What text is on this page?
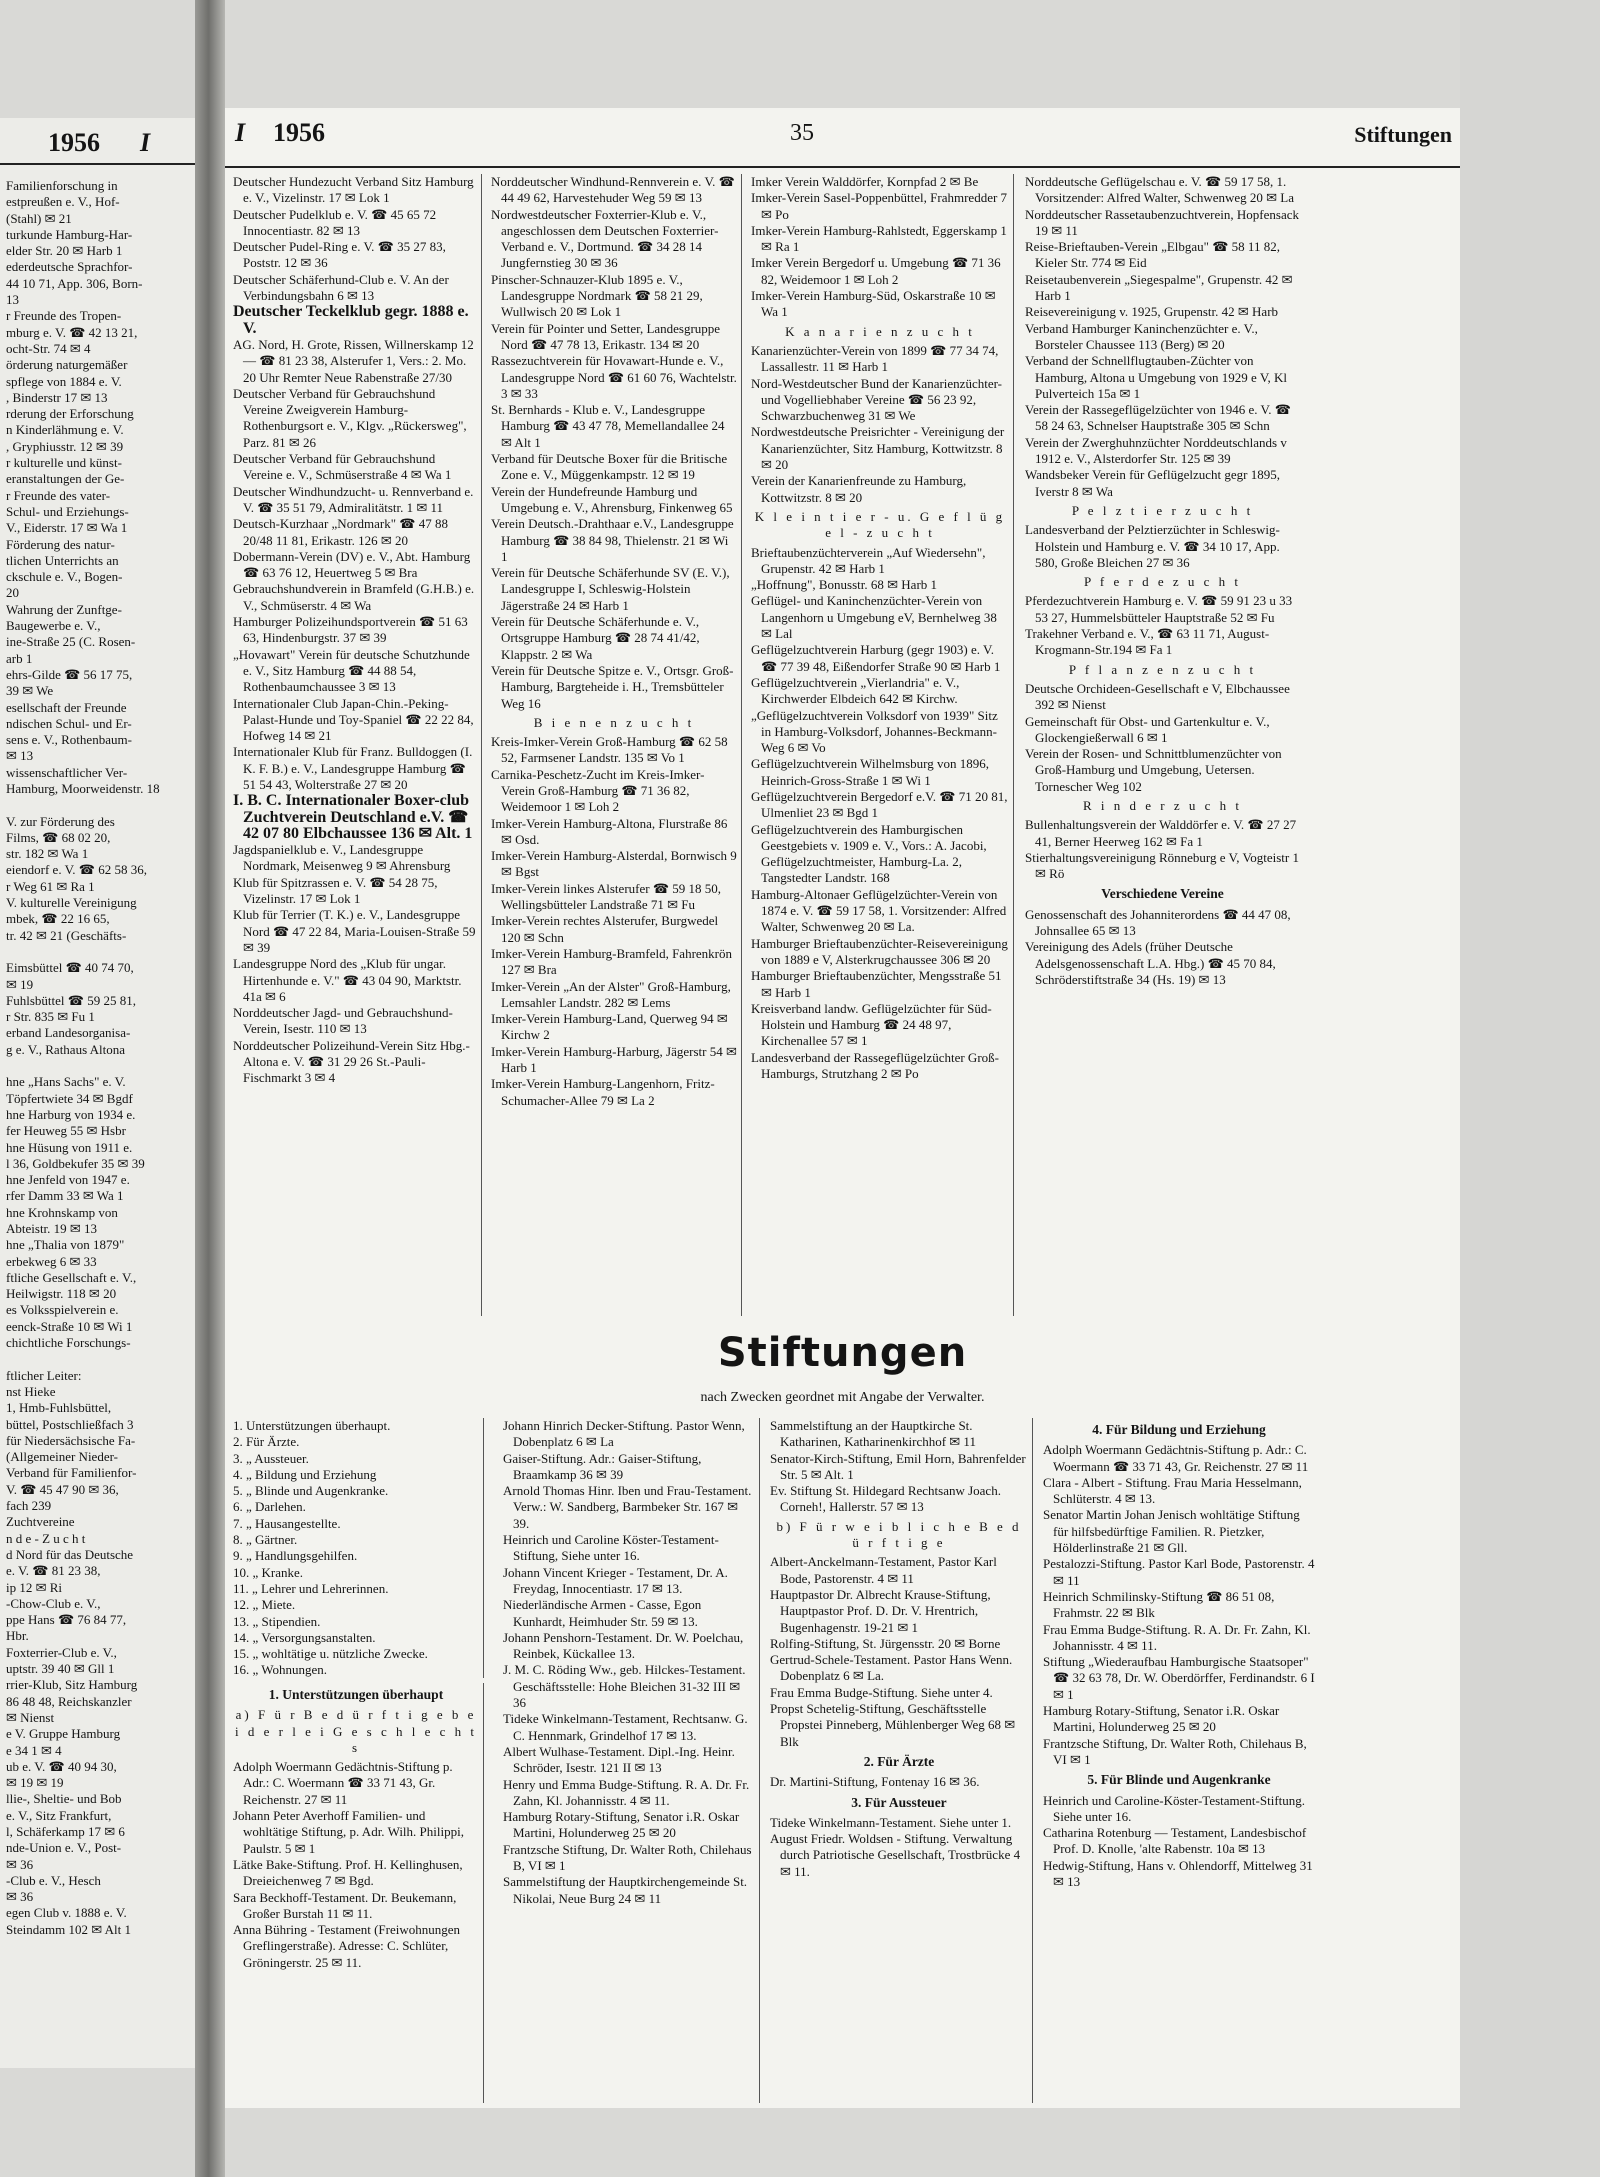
1956 I

Familienforschung in

estpreußen e. V., Hof-

(Stahl) ✉ 21

turkunde Hamburg-Har-

elder Str. 20 ✉ Harb 1

ederdeutsche Sprachfor-

44 10 71, App. 306, Born-

13

r Freunde des Tropen-

mburg e. V. ☎ 42 13 21,

ocht-Str. 74 ✉ 4

örderung naturgemäßer

spflege von 1884 e. V.

, Binderstr 17 ✉ 13

rderung der Erforschung

n Kinderlähmung e. V.

, Gryphiusstr. 12 ✉ 39

r kulturelle und künst-

eranstaltungen der Ge-

r Freunde des vater-

Schul- und Erziehungs-

V., Eiderstr. 17 ✉ Wa 1

Förderung des natur-

tlichen Unterrichts an

ckschule e. V., Bogen-

20

Wahrung der Zunftge-

Baugewerbe e. V.,

ine-Straße 25 (C. Rosen-

arb 1

ehrs-Gilde ☎ 56 17 75,

39 ✉ We

esellschaft der Freunde

ndischen Schul- und Er-

sens e. V., Rothenbaum-

✉ 13

wissenschaftlicher Ver-

Hamburg, Moorweidenstr. 18

V. zur Förderung des

Films, ☎ 68 02 20,

str. 182 ✉ Wa 1

eiendorf e. V. ☎ 62 58 36,

r Weg 61 ✉ Ra 1

V. kulturelle Vereinigung

mbek, ☎ 22 16 65,

tr. 42 ✉ 21 (Geschäfts-

Eimsbüttel ☎ 40 74 70,

✉ 19

Fuhlsbüttel ☎ 59 25 81,

r Str. 835 ✉ Fu 1

erband Landesorganisa-

g e. V., Rathaus Altona

hne „Hans Sachs" e. V.

Töpfertwiete 34 ✉ Bgdf

hne Harburg von 1934 e.

fer Heuweg 55 ✉ Hsbr

hne Hüsung von 1911 e.

l 36, Goldbekufer 35 ✉ 39

hne Jenfeld von 1947 e.

rfer Damm 33 ✉ Wa 1

hne Krohnskamp von

Abteistr. 19 ✉ 13

hne „Thalia von 1879"

erbekweg 6 ✉ 33

ftliche Gesellschaft e. V.,

Heilwigstr. 118 ✉ 20

es Volksspielverein e.

eenck-Straße 10 ✉ Wi 1

chichtliche Forschungs-

ftlicher Leiter:

nst Hieke

1, Hmb-Fuhlsbüttel,

büttel, Postschließfach 3

für Niedersächsische Fa-

(Allgemeiner Nieder-

Verband für Familienfor-

V. ☎ 45 47 90 ✉ 36,

fach 239

Zuchtvereine

n d e - Z u c h t

d Nord für das Deutsche

e. V. ☎ 81 23 38,

ip 12 ✉ Ri

-Chow-Club e. V.,

ppe Hans ☎ 76 84 77,

Hbr.

Foxterrier-Club e. V.,

uptstr. 39 40 ✉ Gll 1

rrier-Klub, Sitz Hamburg

86 48 48, Reichskanzler

✉ Nienst

e V. Gruppe Hamburg

e 34 1 ✉ 4

ub e. V. ☎ 40 94 30,

✉ 19 ✉ 19

llie-, Sheltie- und Bob

e. V., Sitz Frankfurt,

l, Schäferkamp 17 ✉ 6

nde-Union e. V., Post-

✉ 36

-Club e. V., Hesch

✉ 36

egen Club v. 1888 e. V.

Steindamm 102 ✉ Alt 1

I 1956	35	Stiftungen

Deutscher Hundezucht Verband Sitz Hamburg e. V., Vizelinstr. 17 ✉ Lok 1

Deutscher Pudelklub e. V. ☎ 45 65 72 Innocentiastr. 82 ✉ 13

Deutscher Pudel-Ring e. V. ☎ 35 27 83, Poststr. 12 ✉ 36

Deutscher Schäferhund-Club e. V. An der Verbindungsbahn 6 ✉ 13

Deutscher Teckelklub gegr. 1888 e. V.

AG. Nord, H. Grote, Rissen, Willnerskamp 12 — ☎ 81 23 38, Alsterufer 1, Vers.: 2. Mo. 20 Uhr Remter Neue Rabenstraße 27/30

Deutscher Verband für Gebrauchshund Vereine Zweigverein Hamburg-Rothenburgsort e. V., Klgv. „Rückersweg", Parz. 81 ✉ 26

Deutscher Verband für Gebrauchshund Vereine e. V., Schmüserstraße 4 ✉ Wa 1

Deutscher Windhundzucht- u. Rennverband e. V. ☎ 35 51 79, Admiralitätstr. 1 ✉ 11

Deutsch-Kurzhaar „Nordmark" ☎ 47 88 20/48 11 81, Erikastr. 126 ✉ 20

Dobermann-Verein (DV) e. V., Abt. Hamburg ☎ 63 76 12, Heuertweg 5 ✉ Bra

Gebrauchshundverein in Bramfeld (G.H.B.) e. V., Schmüserstr. 4 ✉ Wa

Hamburger Polizeihundsportverein ☎ 51 63 63, Hindenburgstr. 37 ✉ 39

„Hovawart" Verein für deutsche Schutzhunde e. V., Sitz Hamburg ☎ 44 88 54, Rothenbaumchaussee 3 ✉ 13

Internationaler Club Japan-Chin.-Peking-Palast-Hunde und Toy-Spaniel ☎ 22 22 84, Hofweg 14 ✉ 21

Internationaler Klub für Franz. Bulldoggen (I. K. F. B.) e. V., Landesgruppe Hamburg ☎ 51 54 43, Wolterstraße 27 ✉ 20

I. B. C. Internationaler Boxer-club Zuchtverein Deutschland e.V. ☎ 42 07 80 Elbchaussee 136 ✉ Alt. 1

Jagdspanielklub e. V., Landesgruppe Nordmark, Meisenweg 9 ✉ Ahrensburg

Klub für Spitzrassen e. V. ☎ 54 28 75, Vizelinstr. 17 ✉ Lok 1

Klub für Terrier (T. K.) e. V., Landesgruppe Nord ☎ 47 22 84, Maria-Louisen-Straße 59 ✉ 39

Landesgruppe Nord des „Klub für ungar. Hirtenhunde e. V." ☎ 43 04 90, Marktstr. 41a ✉ 6

Norddeutscher Jagd- und Gebrauchshund-Verein, Isestr. 110 ✉ 13

Norddeutscher Polizeihund-Verein Sitz Hbg.-Altona e. V. ☎ 31 29 26 St.-Pauli-Fischmarkt 3 ✉ 4

Norddeutscher Windhund-Rennverein e. V. ☎ 44 49 62, Harvestehuder Weg 59 ✉ 13

Nordwestdeutscher Foxterrier-Klub e. V., angeschlossen dem Deutschen Foxterrier-Verband e. V., Dortmund. ☎ 34 28 14 Jungfernstieg 30 ✉ 36

Pinscher-Schnauzer-Klub 1895 e. V., Landesgruppe Nordmark ☎ 58 21 29, Wullwisch 20 ✉ Lok 1

Verein für Pointer und Setter, Landesgruppe Nord ☎ 47 78 13, Erikastr. 134 ✉ 20

Rassezuchtverein für Hovawart-Hunde e. V., Landesgruppe Nord ☎ 61 60 76, Wachtelstr. 3 ✉ 33

St. Bernhards - Klub e. V., Landesgruppe Hamburg ☎ 43 47 78, Memellandallee 24 ✉ Alt 1

Verband für Deutsche Boxer für die Britische Zone e. V., Müggenkampstr. 12 ✉ 19

Verein der Hundefreunde Hamburg und Umgebung e. V., Ahrensburg, Finkenweg 65

Verein Deutsch.-Drahthaar e.V., Landesgruppe Hamburg ☎ 38 84 98, Thielenstr. 21 ✉ Wi 1

Verein für Deutsche Schäferhunde SV (E. V.), Landesgruppe I, Schleswig-Holstein Jägerstraße 24 ✉ Harb 1

Verein für Deutsche Schäferhunde e. V., Ortsgruppe Hamburg ☎ 28 74 41/42, Klappstr. 2 ✉ Wa

Verein für Deutsche Spitze e. V., Ortsgr. Groß-Hamburg, Bargteheide i. H., Tremsbütteler Weg 16

B i e n e n z u c h t

Kreis-Imker-Verein Groß-Hamburg ☎ 62 58 52, Farmsener Landstr. 135 ✉ Vo 1

Carnika-Peschetz-Zucht im Kreis-Imker-Verein Groß-Hamburg ☎ 71 36 82, Weidemoor 1 ✉ Loh 2

Imker-Verein Hamburg-Altona, Flurstraße 86 ✉ Osd.

Imker-Verein Hamburg-Alsterdal, Bornwisch 9 ✉ Bgst

Imker-Verein linkes Alsterufer ☎ 59 18 50, Wellingsbütteler Landstraße 71 ✉ Fu

Imker-Verein rechtes Alsterufer, Burgwedel 120 ✉ Schn

Imker-Verein Hamburg-Bramfeld, Fahrenkrön 127 ✉ Bra

Imker-Verein „An der Alster" Groß-Hamburg, Lemsahler Landstr. 282 ✉ Lems

Imker-Verein Hamburg-Land, Querweg 94 ✉ Kirchw 2

Imker-Verein Hamburg-Harburg, Jägerstr 54 ✉ Harb 1

Imker-Verein Hamburg-Langenhorn, Fritz-Schumacher-Allee 79 ✉ La 2

Imker Verein Walddörfer, Kornpfad 2 ✉ Be

Imker-Verein Sasel-Poppenbüttel, Frahmredder 7 ✉ Po

Imker-Verein Hamburg-Rahlstedt, Eggerskamp 1 ✉ Ra 1

Imker Verein Bergedorf u. Umgebung ☎ 71 36 82, Weidemoor 1 ✉ Loh 2

Imker-Verein Hamburg-Süd, Oskarstraße 10 ✉ Wa 1

K a n a r i e n z u c h t

Kanarienzüchter-Verein von 1899 ☎ 77 34 74, Lassallestr. 11 ✉ Harb 1

Nord-Westdeutscher Bund der Kanarienzüchter- und Vogelliebhaber Vereine ☎ 56 23 92, Schwarzbuchenweg 31 ✉ We

Nordwestdeutsche Preisrichter - Vereinigung der Kanarienzüchter, Sitz Hamburg, Kottwitzstr. 8 ✉ 20

Verein der Kanarienfreunde zu Hamburg, Kottwitzstr. 8 ✉ 20

K l e i n t i e r - u. G e f l ü g e l - z u c h t

Brieftaubenzüchterverein „Auf Wiedersehn", Grupenstr. 42 ✉ Harb 1

„Hoffnung", Bonusstr. 68 ✉ Harb 1

Geflügel- und Kaninchenzüchter-Verein von Langenhorn u Umgebung eV, Bernhelweg 38 ✉ Lal

Geflügelzuchtverein Harburg (gegr 1903) e. V. ☎ 77 39 48, Eißendorfer Straße 90 ✉ Harb 1

Geflügelzuchtverein „Vierlandria" e. V., Kirchwerder Elbdeich 642 ✉ Kirchw.

„Geflügelzuchtverein Volksdorf von 1939" Sitz in Hamburg-Volksdorf, Johannes-Beckmann-Weg 6 ✉ Vo

Geflügelzuchtverein Wilhelmsburg von 1896, Heinrich-Gross-Straße 1 ✉ Wi 1

Geflügelzuchtverein Bergedorf e.V. ☎ 71 20 81, Ulmenliet 23 ✉ Bgd 1

Geflügelzuchtverein des Hamburgischen Geestgebiets v. 1909 e. V., Vors.: A. Jacobi, Geflügelzuchtmeister, Hamburg-La. 2, Tangstedter Landstr. 168

Hamburg-Altonaer Geflügelzüchter-Verein von 1874 e. V. ☎ 59 17 58, 1. Vorsitzender: Alfred Walter, Schwenweg 20 ✉ La.

Hamburger Brieftaubenzüchter-Reisevereinigung von 1889 e V, Alsterkrugchaussee 306 ✉ 20

Hamburger Brieftaubenzüchter, Mengsstraße 51 ✉ Harb 1

Kreisverband landw. Geflügelzüchter für Süd-Holstein und Hamburg ☎ 24 48 97, Kirchenallee 57 ✉ 1

Landesverband der Rassegeflügelzüchter Groß-Hamburgs, Strutzhang 2 ✉ Po

Norddeutsche Geflügelschau e. V. ☎ 59 17 58, 1. Vorsitzender: Alfred Walter, Schwenweg 20 ✉ La

Norddeutscher Rassetaubenzuchtverein, Hopfensack 19 ✉ 11

Reise-Brieftauben-Verein „Elbgau" ☎ 58 11 82, Kieler Str. 774 ✉ Eid

Reisetaubenverein „Siegespalme", Grupenstr. 42 ✉ Harb 1

Reisevereinigung v. 1925, Grupenstr. 42 ✉ Harb

Verband Hamburger Kaninchenzüchter e. V., Borsteler Chaussee 113 (Berg) ✉ 20

Verband der Schnellflugtauben-Züchter von Hamburg, Altona u Umgebung von 1929 e V, Kl Pulverteich 15a ✉ 1

Verein der Rassegeflügelzüchter von 1946 e. V. ☎ 58 24 63, Schnelser Hauptstraße 305 ✉ Schn

Verein der Zwerghuhnzüchter Norddeutschlands v 1912 e. V., Alsterdorfer Str. 125 ✉ 39

Wandsbeker Verein für Geflügelzucht gegr 1895, Iverstr 8 ✉ Wa

P e l z t i e r z u c h t

Landesverband der Pelztierzüchter in Schleswig-Holstein und Hamburg e. V. ☎ 34 10 17, App. 580, Große Bleichen 27 ✉ 36

P f e r d e z u c h t

Pferdezuchtverein Hamburg e. V. ☎ 59 91 23 u 33 53 27, Hummelsbütteler Hauptstraße 52 ✉ Fu

Trakehner Verband e. V., ☎ 63 11 71, August-Krogmann-Str.194 ✉ Fa 1

P f l a n z e n z u c h t

Deutsche Orchideen-Gesellschaft e V, Elbchaussee 392 ✉ Nienst

Gemeinschaft für Obst- und Gartenkultur e. V., Glockengießerwall 6 ✉ 1

Verein der Rosen- und Schnittblumenzüchter von Groß-Hamburg und Umgebung, Uetersen. Tornescher Weg 102

R i n d e r z u c h t

Bullenhaltungsverein der Walddörfer e. V. ☎ 27 27 41, Berner Heerweg 162 ✉ Fa 1

Stierhaltungsvereinigung Rönneburg e V, Vogteistr 1 ✉ Rö

Verschiedene Vereine

Genossenschaft des Johanniterordens ☎ 44 47 08, Johnsallee 65 ✉ 13

Vereinigung des Adels (früher Deutsche Adelsgenossenschaft L.A. Hbg.) ☎ 45 70 84, Schröderstiftstraße 34 (Hs. 19) ✉ 13

Stiftungen
nach Zwecken geordnet mit Angabe der Verwalter.

1. Unterstützungen überhaupt.

2. Für Ärzte.

3. „ Aussteuer.

4. „ Bildung und Erziehung

5. „ Blinde und Augenkranke.

6. „ Darlehen.

7. „ Hausangestellte.

8. „ Gärtner.

9. „ Handlungsgehilfen.

10. „ Kranke.

11. „ Lehrer und Lehrerinnen.

12. „ Miete.

13. „ Stipendien.

14. „ Versorgungsanstalten.

15. „ wohltätige u. nützliche Zwecke.

16. „ Wohnungen.

1. Unterstützungen überhaupt

a) F ü r B e d ü r f t i g e b e i d e r l e i G e s c h l e c h t s

Adolph Woermann Gedächtnis-Stiftung p. Adr.: C. Woermann ☎ 33 71 43, Gr. Reichenstr. 27 ✉ 11

Johann Peter Averhoff Familien- und wohltätige Stiftung, p. Adr. Wilh. Philippi, Paulstr. 5 ✉ 1

Lätke Bake-Stiftung. Prof. H. Kellinghusen, Dreieichenweg 7 ✉ Bgd.

Sara Beckhoff-Testament. Dr. Beukemann, Großer Burstah 11 ✉ 11.

Anna Bühring - Testament (Freiwohnungen Greflingerstraße). Adresse: C. Schlüter, Gröningerstr. 25 ✉ 11.

Johann Hinrich Decker-Stiftung. Pastor Wenn, Dobenplatz 6 ✉ La

Gaiser-Stiftung. Adr.: Gaiser-Stiftung, Braamkamp 36 ✉ 39

Arnold Thomas Hinr. Iben und Frau-Testament. Verw.: W. Sandberg, Barmbeker Str. 167 ✉ 39.

Heinrich und Caroline Köster-Testament-Stiftung, Siehe unter 16.

Johann Vincent Krieger - Testament, Dr. A. Freydag, Innocentiastr. 17 ✉ 13.

Niederländische Armen - Casse, Egon Kunhardt, Heimhuder Str. 59 ✉ 13.

Johann Penshorn-Testament. Dr. W. Poelchau, Reinbek, Kückallee 13.

J. M. C. Röding Ww., geb. Hilckes-Testament. Geschäftsstelle: Hohe Bleichen 31-32 III ✉ 36

Tideke Winkelmann-Testament, Rechtsanw. G. C. Hennmark, Grindelhof 17 ✉ 13.

Albert Wulhase-Testament. Dipl.-Ing. Heinr. Schröder, Isestr. 121 II ✉ 13

Henry und Emma Budge-Stiftung. R. A. Dr. Fr. Zahn, Kl. Johannisstr. 4 ✉ 11.

Hamburg Rotary-Stiftung, Senator i.R. Oskar Martini, Holunderweg 25 ✉ 20

Frantzsche Stiftung, Dr. Walter Roth, Chilehaus B, VI ✉ 1

Sammelstiftung der Hauptkirchengemeinde St. Nikolai, Neue Burg 24 ✉ 11

Sammelstiftung an der Hauptkirche St. Katharinen, Katharinenkirchhof ✉ 11

Senator-Kirch-Stiftung, Emil Horn, Bahrenfelder Str. 5 ✉ Alt. 1

Ev. Stiftung St. Hildegard Rechtsanw Joach. Corneh!, Hallerstr. 57 ✉ 13

b) F ü r w e i b l i c h e B e d ü r f t i g e

Albert-Anckelmann-Testament, Pastor Karl Bode, Pastorenstr. 4 ✉ 11

Hauptpastor Dr. Albrecht Krause-Stiftung, Hauptpastor Prof. D. Dr. V. Hrentrich, Bugenhagenstr. 19-21 ✉ 1

Rolfing-Stiftung, St. Jürgensstr. 20 ✉ Borne

Gertrud-Schele-Testament. Pastor Hans Wenn. Dobenplatz 6 ✉ La.

Frau Emma Budge-Stiftung. Siehe unter 4.

Propst Schetelig-Stiftung, Geschäftsstelle Propstei Pinneberg, Mühlenberger Weg 68 ✉ Blk

2. Für Ärzte

Dr. Martini-Stiftung, Fontenay 16 ✉ 36.

3. Für Aussteuer

Tideke Winkelmann-Testament. Siehe unter 1.

August Friedr. Woldsen - Stiftung. Verwaltung durch Patriotische Gesellschaft, Trostbrücke 4 ✉ 11.

4. Für Bildung und Erziehung

Adolph Woermann Gedächtnis-Stiftung p. Adr.: C. Woermann ☎ 33 71 43, Gr. Reichenstr. 27 ✉ 11

Clara - Albert - Stiftung. Frau Maria Hesselmann, Schlüterstr. 4 ✉ 13.

Senator Martin Johan Jenisch wohltätige Stiftung für hilfsbedürftige Familien. R. Pietzker, Hölderlinstraße 21 ✉ Gll.

Pestalozzi-Stiftung. Pastor Karl Bode, Pastorenstr. 4 ✉ 11

Heinrich Schmilinsky-Stiftung ☎ 86 51 08, Frahmstr. 22 ✉ Blk

Frau Emma Budge-Stiftung. R. A. Dr. Fr. Zahn, Kl. Johannisstr. 4 ✉ 11.

Stiftung „Wiederaufbau Hamburgische Staatsoper" ☎ 32 63 78, Dr. W. Oberdörffer, Ferdinandstr. 6 I ✉ 1

Hamburg Rotary-Stiftung, Senator i.R. Oskar Martini, Holunderweg 25 ✉ 20

Frantzsche Stiftung, Dr. Walter Roth, Chilehaus B, VI ✉ 1

5. Für Blinde und Augenkranke

Heinrich und Caroline-Köster-Testament-Stiftung. Siehe unter 16.

Catharina Rotenburg — Testament, Landesbischof Prof. D. Knolle, 'alte Rabenstr. 10a ✉ 13

Hedwig-Stiftung, Hans v. Ohlendorff, Mittelweg 31 ✉ 13
